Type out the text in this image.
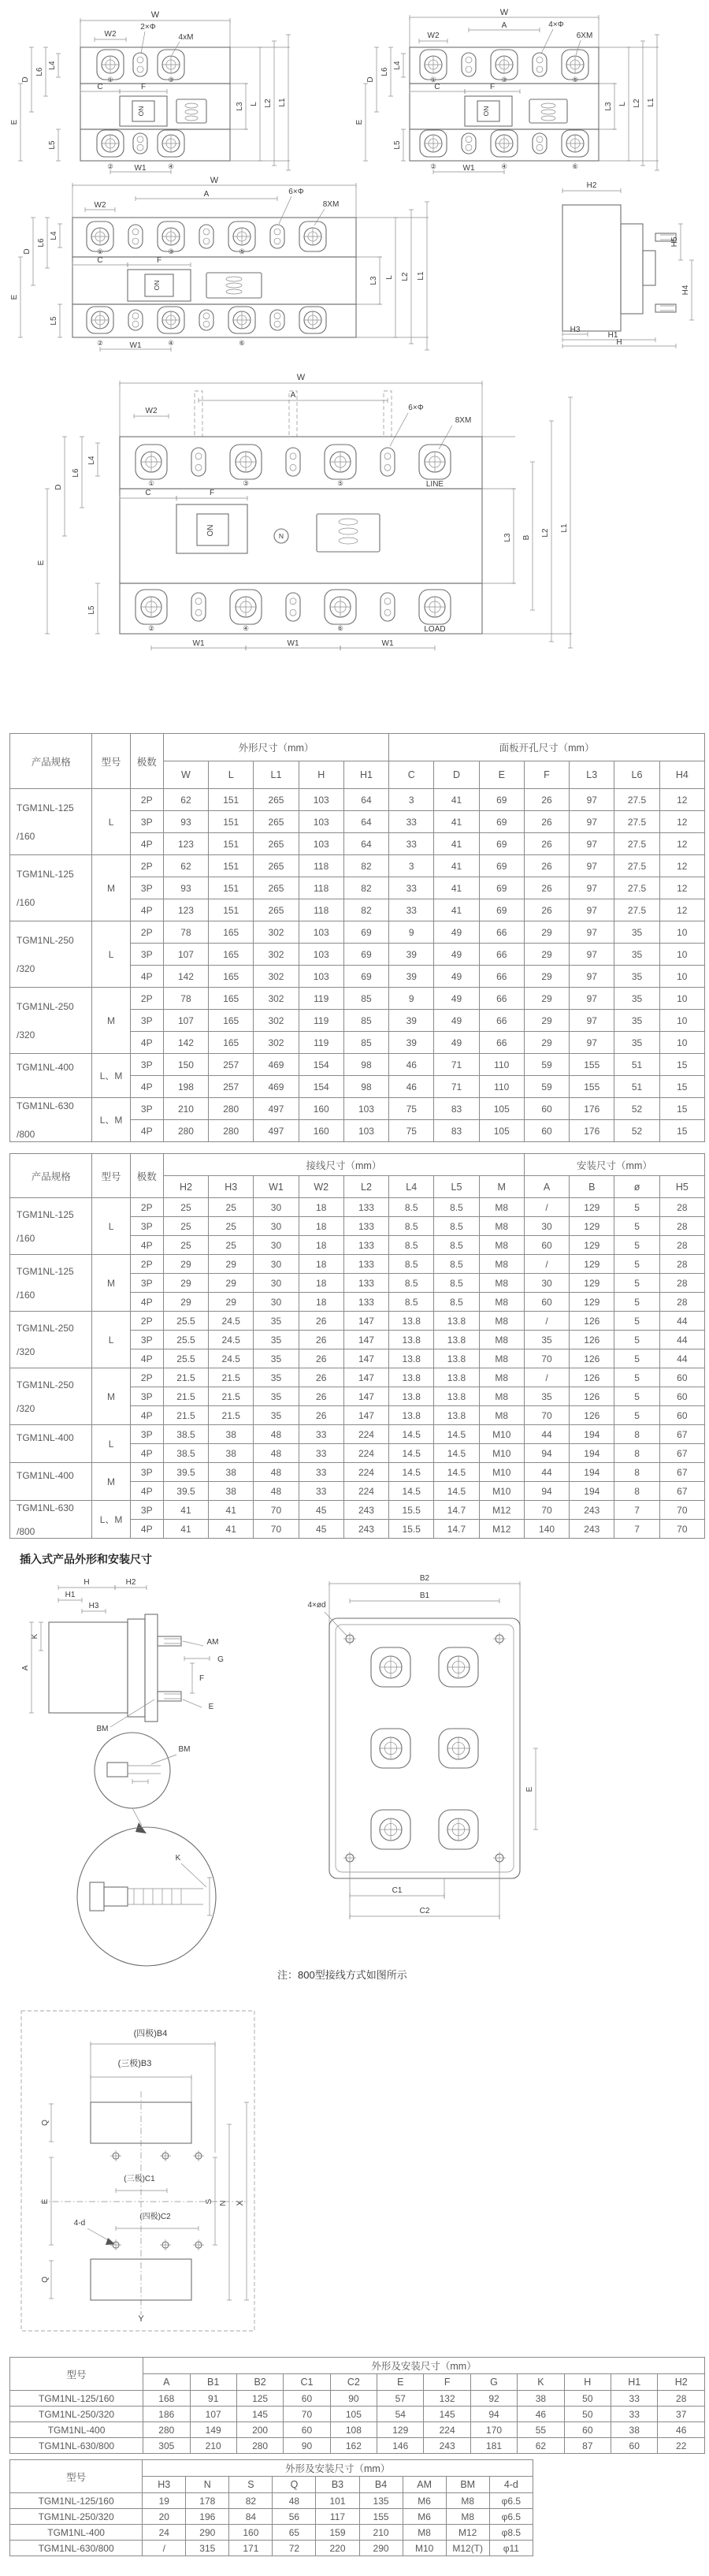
W
W2
2×Φ
4xM
①	③
D
L6
L4
E
C	F
ON
L5
②	④
W1
L3 L L2 L1
W
A
W2
4×Φ
6XM
①	③	⑤
D
L6
L4
E
C	F
ON
L5
②	④	⑥
W1
L3 L L2 L1
W
A
W2
6×Φ
8XM
①	③	⑤
D
L6
L4
E
C	F
ON
L5
②	④	⑥
W1
L3 L L2 L1
H2
H5
H4
H3
H1
H
W
A
W2	6×Φ
8XM
①	③	⑤	LINE
D
L6
L4
E
C	F
ON	N
②	④	⑥	LOAD
L5
W1	W1	W1
L3 B
L2
L1
产品规格	型号	极数	外形尺寸（mm）					面板开孔尺寸（mm）						
			W	L	L1	H	H1	C	D	E	F	L3	L6	H4

TGM1NL-125
/160	L	2P	62	151	265	103	64	3	41	69	26	97	27.5	12
		3P	93	151	265	103	64	33	41	69	26	97	27.5	12
		4P	123	151	265	103	64	33	41	69	26	97	27.5	12

TGM1NL-125
/160	M	2P	62	151	265	118	82	3	41	69	26	97	27.5	12
		3P	93	151	265	118	82	33	41	69	26	97	27.5	12
		4P	123	151	265	118	82	33	41	69	26	97	27.5	12

TGM1NL-250
/320	L	2P	78	165	302	103	69	9	49	66	29	97	35	10
		3P	107	165	302	103	69	39	49	66	29	97	35	10
		4P	142	165	302	103	69	39	49	66	29	97	35	10

TGM1NL-250
/320	M	2P	78	165	302	119	85	9	49	66	29	97	35	10
		3P	107	165	302	119	85	39	49	66	29	97	35	10
		4P	142	165	302	119	85	39	49	66	29	97	35	10

TGM1NL-400	L、M	3P	150	257	469	154	98	46	71	110	59	155	51	15
		4P	198	257	469	154	98	46	71	110	59	155	51	15

TGM1NL-630
/800	L、M	3P	210	280	497	160	103	75	83	105	60	176	52	15
		4P	280	280	497	160	103	75	83	105	60	176	52	15
产品规格	型号	极数	接线尺寸（mm）								安装尺寸（mm）			
			H2	H3	W1	W2	L2	L4	L5	M	A	B	ø	H5

TGM1NL-125
/160	L	2P	25	25	30	18	133	8.5	8.5	M8	/	129	5	28
		3P	25	25	30	18	133	8.5	8.5	M8	30	129	5	28
		4P	25	25	30	18	133	8.5	8.5	M8	60	129	5	28

TGM1NL-125
/160	M	2P	29	29	30	18	133	8.5	8.5	M8	/	129	5	28
		3P	29	29	30	18	133	8.5	8.5	M8	30	129	5	28
		4P	29	29	30	18	133	8.5	8.5	M8	60	129	5	28

TGM1NL-250
/320	L	2P	25.5	24.5	35	26	147	13.8	13.8	M8	/	126	5	44
		3P	25.5	24.5	35	26	147	13.8	13.8	M8	35	126	5	44
		4P	25.5	24.5	35	26	147	13.8	13.8	M8	70	126	5	44

TGM1NL-250
/320	M	2P	21.5	21.5	35	26	147	13.8	13.8	M8	/	126	5	60
		3P	21.5	21.5	35	26	147	13.8	13.8	M8	35	126	5	60
		4P	21.5	21.5	35	26	147	13.8	13.8	M8	70	126	5	60

TGM1NL-400	L	3P	38.5	38	48	33	224	14.5	14.5	M10	44	194	8	67
		4P	38.5	38	48	33	224	14.5	14.5	M10	94	194	8	67

TGM1NL-400	M	3P	39.5	38	48	33	224	14.5	14.5	M10	44	194	8	67
		4P	39.5	38	48	33	224	14.5	14.5	M10	94	194	8	67

TGM1NL-630
/800	L、M	3P	41	41	70	45	243	15.5	14.7	M12	70	243	7	70
		4P	41	41	70	45	243	15.5	14.7	M12	140	243	7	70
插入式产品外形和安装尺寸
H	H2
H1
H3
A
K
AM
G
F
E
BM
BM
K
B2
B1
4×ød
E
C1
C2
注：800型接线方式如图所示
(四极)B4
(三极)B3
Q
(三极)C1
E
(四极)C2
4-d
Q
Y
S N X
型号	外形及安装尺寸（mm）											
	A	B1	B2	C1	C2	E	F	G	K	H	H1	H2
TGM1NL-125/160	168	91	125	60	90	57	132	92	38	50	33	28
TGM1NL-250/320	186	107	145	70	105	54	145	94	46	50	33	37
TGM1NL-400	280	149	200	60	108	129	224	170	55	60	38	46
TGM1NL-630/800	305	210	280	90	162	146	243	181	62	87	60	22
型号	外形及安装尺寸（mm）								
	H3	N	S	Q	B3	B4	AM	BM	4-d
TGM1NL-125/160	19	178	82	48	101	135	M6	M8	φ6.5
TGM1NL-250/320	20	196	84	56	117	155	M6	M8	φ6.5
TGM1NL-400	24	290	160	65	159	210	M8	M12	φ8.5
TGM1NL-630/800	/	315	171	72	220	290	M10	M12(T)	φ11
